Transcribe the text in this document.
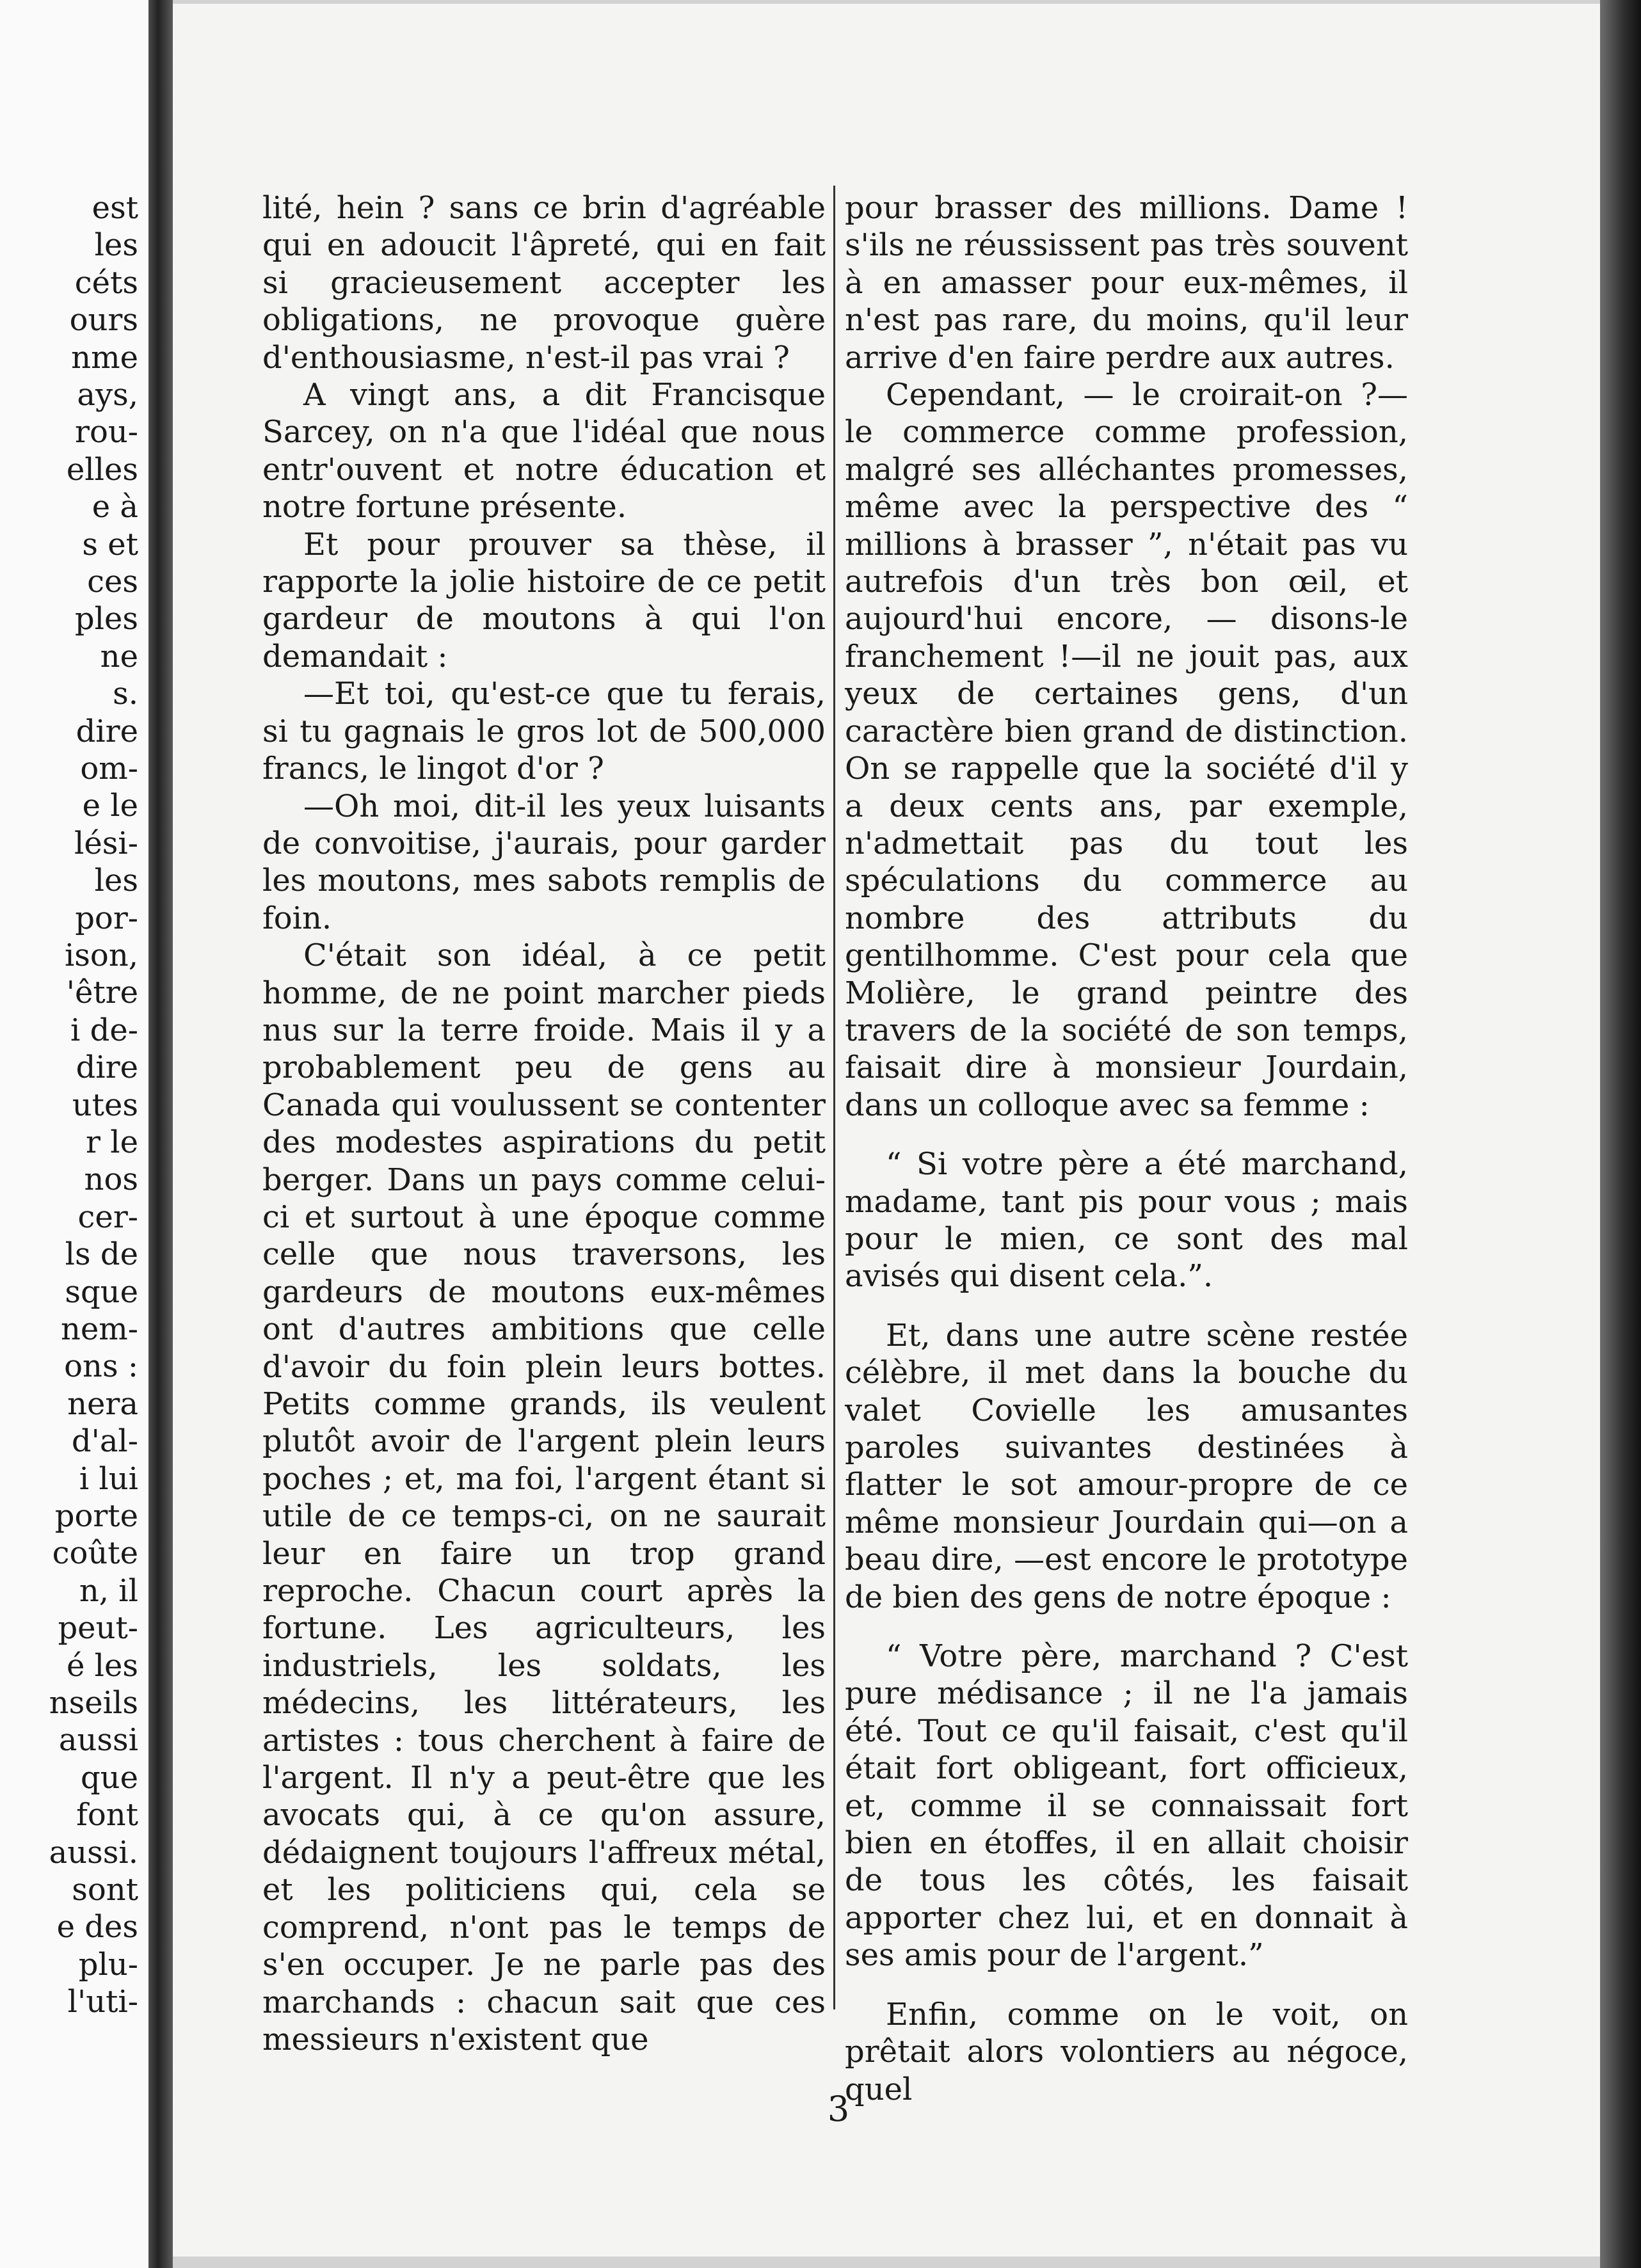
est
les
céts
ours
nme
ays,
rou-
elles
e à
s et
ces
ples
ne
s.
dire
om-
e le
lési-
les
por-
ison,
'être
i de-
dire
utes
r le
nos
cer-
ls de
sque
nem-
ons :
nera
d'al-
i lui
porte
coûte
n, il
peut-
é les
nseils
aussi
que
font
aussi.
sont
e des
plu-
l'uti-

lité, hein ? sans ce brin d'agréable qui en adoucit l'âpreté, qui en fait si gracieusement accepter les obligations, ne provoque guère d'enthousiasme, n'est-il pas vrai ?

A vingt ans, a dit Francisque Sarcey, on n'a que l'idéal que nous entr'ouvent et notre éducation et notre fortune présente.

Et pour prouver sa thèse, il rapporte la jolie histoire de ce petit gardeur de moutons à qui l'on demandait :

—Et toi, qu'est-ce que tu ferais, si tu gagnais le gros lot de 500,000 francs, le lingot d'or ?

—Oh moi, dit-il les yeux luisants de convoitise, j'aurais, pour garder les moutons, mes sabots remplis de foin.

C'était son idéal, à ce petit homme, de ne point marcher pieds nus sur la terre froide. Mais il y a probablement peu de gens au Canada qui voulussent se contenter des modestes aspirations du petit berger. Dans un pays comme celui-ci et surtout à une époque comme celle que nous traversons, les gardeurs de moutons eux-mêmes ont d'autres ambitions que celle d'avoir du foin plein leurs bottes. Petits comme grands, ils veulent plutôt avoir de l'argent plein leurs poches ; et, ma foi, l'argent étant si utile de ce temps-ci, on ne saurait leur en faire un trop grand reproche. Chacun court après la fortune. Les agriculteurs, les industriels, les soldats, les médecins, les littérateurs, les artistes : tous cherchent à faire de l'argent. Il n'y a peut-être que les avocats qui, à ce qu'on assure, dédaignent toujours l'affreux métal, et les politiciens qui, cela se comprend, n'ont pas le temps de s'en occuper. Je ne parle pas des marchands : chacun sait que ces messieurs n'existent que

pour brasser des millions. Dame ! s'ils ne réussissent pas très souvent à en amasser pour eux-mêmes, il n'est pas rare, du moins, qu'il leur arrive d'en faire perdre aux autres.

Cependant, — le croirait-on ?— le commerce comme profession, malgré ses alléchantes promesses, même avec la perspective des “ millions à brasser ”, n'était pas vu autrefois d'un très bon œil, et aujourd'hui encore, — disons-le franchement !—il ne jouit pas, aux yeux de certaines gens, d'un caractère bien grand de distinction. On se rappelle que la société d'il y a deux cents ans, par exemple, n'admettait pas du tout les spéculations du commerce au nombre des attributs du gentilhomme. C'est pour cela que Molière, le grand peintre des travers de la société de son temps, faisait dire à monsieur Jourdain, dans un colloque avec sa femme :

“ Si votre père a été marchand, madame, tant pis pour vous ; mais pour le mien, ce sont des mal avisés qui disent cela.”.

Et, dans une autre scène restée célèbre, il met dans la bouche du valet Covielle les amusantes paroles suivantes destinées à flatter le sot amour-propre de ce même monsieur Jourdain qui—on a beau dire, —est encore le prototype de bien des gens de notre époque :

“ Votre père, marchand ? C'est pure médisance ; il ne l'a jamais été. Tout ce qu'il faisait, c'est qu'il était fort obligeant, fort officieux, et, comme il se connaissait fort bien en étoffes, il en allait choisir de tous les côtés, les faisait apporter chez lui, et en donnait à ses amis pour de l'argent.”

Enfin, comme on le voit, on prêtait alors volontiers au négoce, quel

3
